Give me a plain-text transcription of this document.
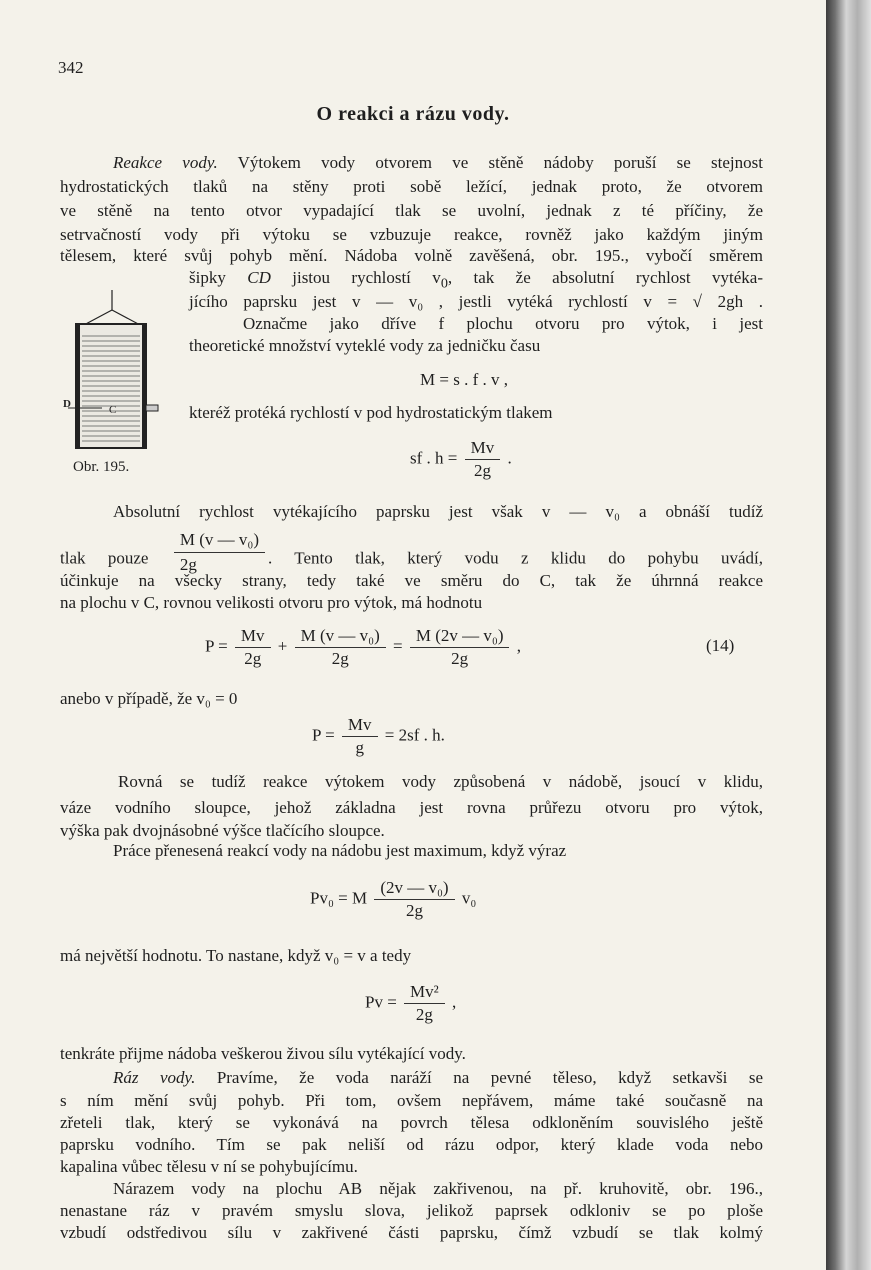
342
O reakci a rázu vody.
Reakce vody. Výtokem vody otvorem ve stěně nádoby poruší se stejnost
hydrostatických tlaků na stěny proti sobě ležící, jednak proto, že otvorem
ve stěně na tento otvor vypadající tlak se uvolní, jednak z té příčiny, že
setrvačností vody při výtoku se vzbuzuje reakce, rovněž jako každým jiným
tělesem, které svůj pohyb mění. Nádoba volně zavěšená, obr. 195., vybočí směrem
šipky CD jistou rychlostí $v_0$, tak že absolutní rychlost vytéka-
jícího paprsku jest v — v₀ , jestli vytéká rychlostí v = √ 2gh .
Označme jako dříve f plochu otvoru pro výtok, i jest
theoretické množství vyteklé vody za jedničku času
M = s . f . v ,
kteréž protéká rychlostí v pod hydrostatickým tlakem
sf . $h = \frac{Mv}{2g}$ .
D	C
Obr. 195.
Absolutní rychlost vytékajícího paprsku jest však v — v₀ a obnáší tudíž
tlak pouze $\frac{\text{M (v — v₀)}}{2g}$ . Tento tlak, který vodu z klidu do pohybu uvádí,
účinkuje na všecky strany, tedy také ve směru do C, tak že úhrnná reakce
na plochu v C, rovnou velikosti otvoru pro výtok, má hodnotu
$P = \frac{Mv}{2g} + \frac{\text{M (v — v₀)}}{2g} = \frac{\text{M (2v — v₀)}}{2g}$ ,	(14)
anebo v případě, že v₀ = 0
$P = \frac{Mv}{g} = 2sf$ . h.
Rovná se tudíž reakce výtokem vody způsobená v nádobě, jsoucí v klidu,
váze vodního sloupce, jehož základna jest rovna průřezu otvoru pro výtok,
výška pak dvojnásobné výšce tlačícího sloupce.
Práce přenesená reakcí vody na nádobu jest maximum, když výraz
Pv₀ = M $\frac{\text{(2v — v₀)}}{2g} v_0$
má největší hodnotu. To nastane, když v₀ = v a tedy
$Pv = \frac{\text{Mv²}}{2g}$ ,
tenkráte přijme nádoba veškerou živou sílu vytékající vody.
Ráz vody. Pravíme, že voda naráží na pevné těleso, když setkavši se
s ním mění svůj pohyb. Při tom, ovšem nepřávem, máme také současně na
zřeteli tlak, který se vykonává na povrch tělesa odkloněním souvislého ještě
paprsku vodního. Tím se pak neliší od rázu odpor, který klade voda nebo
kapalina vůbec tělesu v ní se pohybujícímu.
Nárazem vody na plochu AB nějak zakřivenou, na př. kruhovitě, obr. 196.,
nenastane ráz v pravém smyslu slova, jelikož paprsek odkloniv se po ploše
vzbudí odstředivou sílu v zakřivené části paprsku, čímž vzbudí se tlak kolmý
